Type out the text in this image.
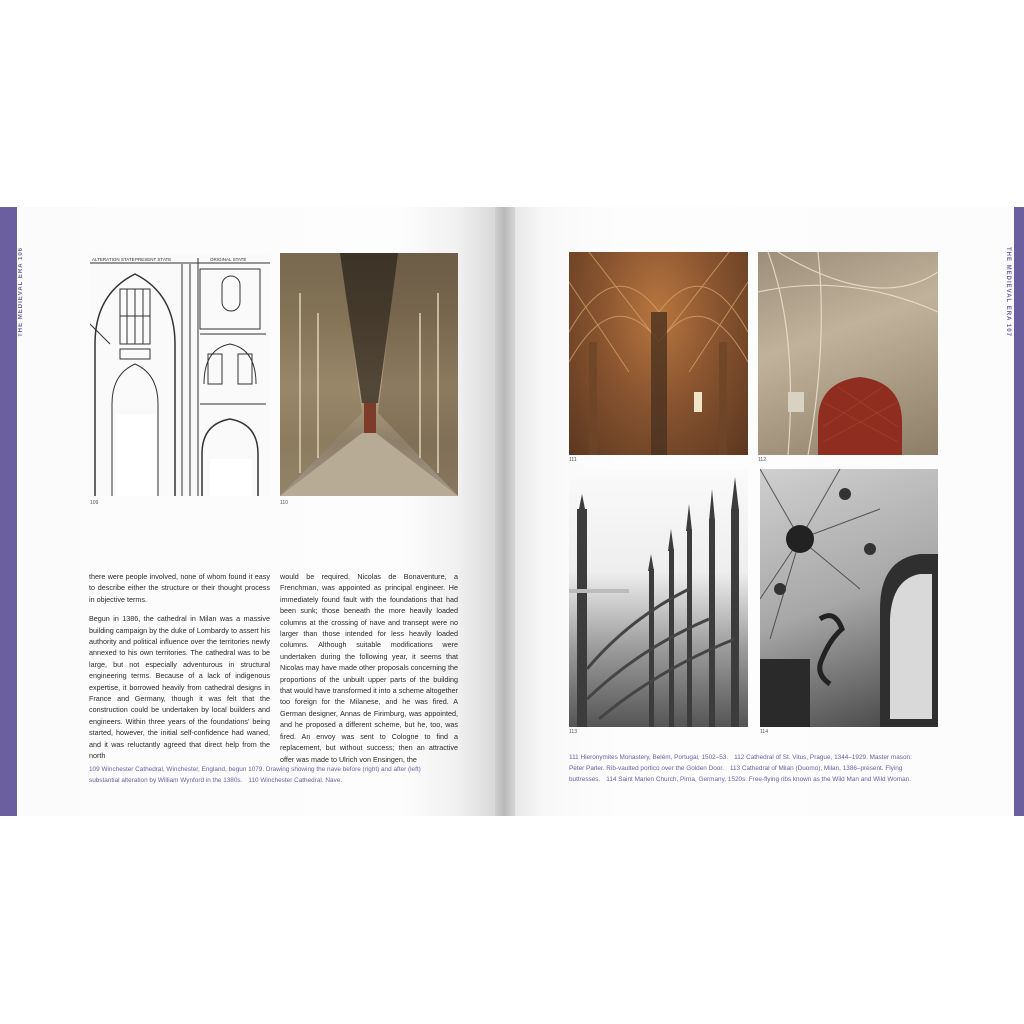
THE MEDIEVAL ERA 106	ALTERATION STATE PRESENT STATE	ORIGINAL STATE
109	110

there were people involved, none of whom found it easy to describe either the structure or their thought process in objective terms.

Begun in 1386, the cathedral in Milan was a massive building campaign by the duke of Lombardy to assert his authority and political influence over the territories newly annexed to his own territories. The cathedral was to be large, but not especially adventurous in structural engineering terms. Because of a lack of indigenous expertise, it borrowed heavily from cathedral designs in France and Germany, though it was felt that the construction could be undertaken by local builders and engineers. Within three years of the foundations' being started, however, the initial self-confidence had waned, and it was reluctantly agreed that direct help from the north

would be required. Nicolas de Bonaventure, a Frenchman, was appointed as principal engineer. He immediately found fault with the foundations that had been sunk; those beneath the more heavily loaded columns at the crossing of nave and transept were no larger than those intended for less heavily loaded columns. Although suitable modifications were undertaken during the following year, it seems that Nicolas may have made other proposals concerning the proportions of the unbuilt upper parts of the building that would have transformed it into a scheme altogether too foreign for the Milanese, and he was fired. A German designer, Annas de Firimburg, was appointed, and he proposed a different scheme, but he, too, was fired. An envoy was sent to Cologne to find a replacement, but without success; then an attractive offer was made to Ulrich von Ensingen, the

109 Winchester Cathedral, Winchester, England, begun 1079. Drawing showing the nave before (right) and after (left)
substantial alteration by William Wynford in the 1380s. 110 Winchester Cathedral. Nave.
111	112
113	114
111 Hieronymites Monastery, Belém, Portugal, 1502–53. 112 Cathedral of St. Vitus, Prague, 1344–1929. Master mason:
Peter Parler. Rib-vaulted portico over the Golden Door. 113 Cathedral of Milan (Duomo), Milan, 1386–present. Flying
buttresses. 114 Saint Marien Church, Pirna, Germany, 1520s. Free-flying ribs known as the Wild Man and Wild Woman.
THE MEDIEVAL ERA 107
